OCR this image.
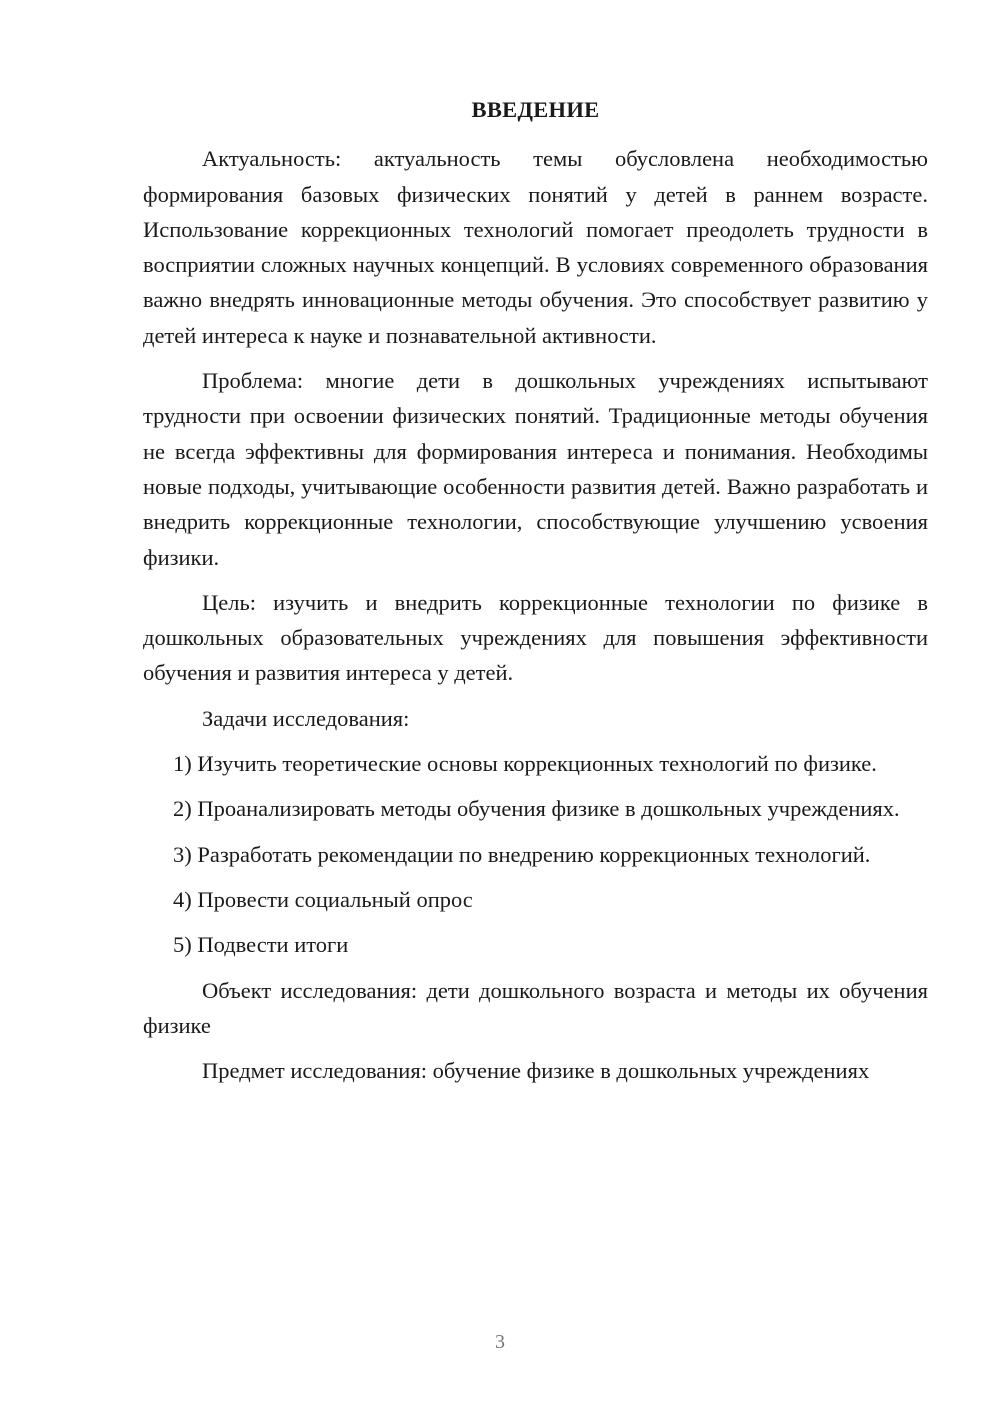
ВВЕДЕНИЕ

Актуальность: актуальность темы обусловлена необходимостью формирования базовых физических понятий у детей в раннем возрасте. Использование коррекционных технологий помогает преодолеть трудности в восприятии сложных научных концепций. В условиях современного образования важно внедрять инновационные методы обучения. Это способствует развитию у детей интереса к науке и познавательной активности.

Проблема: многие дети в дошкольных учреждениях испытывают трудности при освоении физических понятий. Традиционные методы обучения не всегда эффективны для формирования интереса и понимания. Необходимы новые подходы, учитывающие особенности развития детей. Важно разработать и внедрить коррекционные технологии, способствующие улучшению усвоения физики.

Цель: изучить и внедрить коррекционные технологии по физике в дошкольных образовательных учреждениях для повышения эффективности обучения и развития интереса у детей.

Задачи исследования:

1) Изучить теоретические основы коррекционных технологий по физике.

2) Проанализировать методы обучения физике в дошкольных учреждениях.

3) Разработать рекомендации по внедрению коррекционных технологий.

4) Провести социальный опрос

5) Подвести итоги

Объект исследования: дети дошкольного возраста и методы их обучения физике

Предмет исследования: обучение физике в дошкольных учреждениях

3
